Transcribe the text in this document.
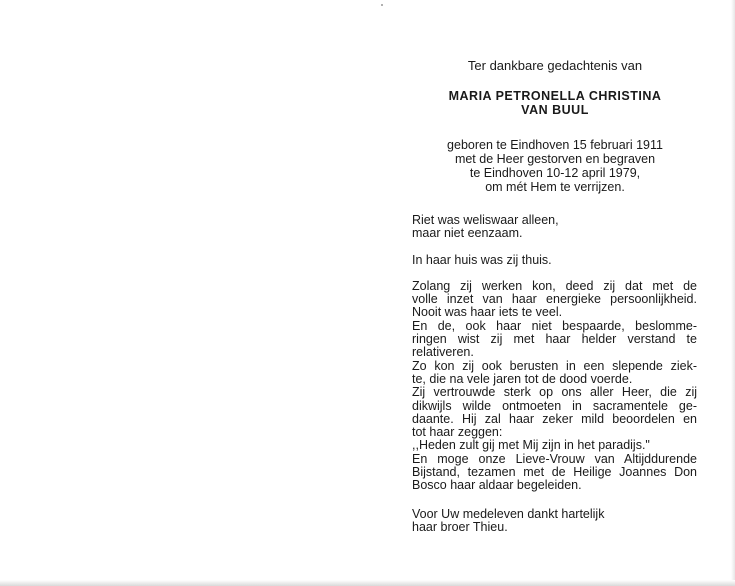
Ter dankbare gedachtenis van

MARIA PETRONELLA CHRISTINA
VAN BUUL

geboren te Eindhoven 15 februari 1911
met de Heer gestorven en begraven
te Eindhoven 10-12 april 1979,
om mét Hem te verrijzen.

Riet was weliswaar alleen,
maar niet eenzaam.

In haar huis was zij thuis.

Zolang zij werken kon, deed zij dat met de
volle inzet van haar energieke persoonlijkheid.
Nooit was haar iets te veel.
En de, ook haar niet bespaarde, beslomme-
ringen wist zij met haar helder verstand te
relativeren.
Zo kon zij ook berusten in een slepende ziek-
te, die na vele jaren tot de dood voerde.
Zij vertrouwde sterk op ons aller Heer, die zij
dikwijls wilde ontmoeten in sacramentele ge-
daante. Hij zal haar zeker mild beoordelen en
tot haar zeggen:
,,Heden zult gij met Mij zijn in het paradijs."
En moge onze Lieve-Vrouw van Altijddurende
Bijstand, tezamen met de Heilige Joannes Don
Bosco haar aldaar begeleiden.

Voor Uw medeleven dankt hartelijk
haar broer Thieu.
